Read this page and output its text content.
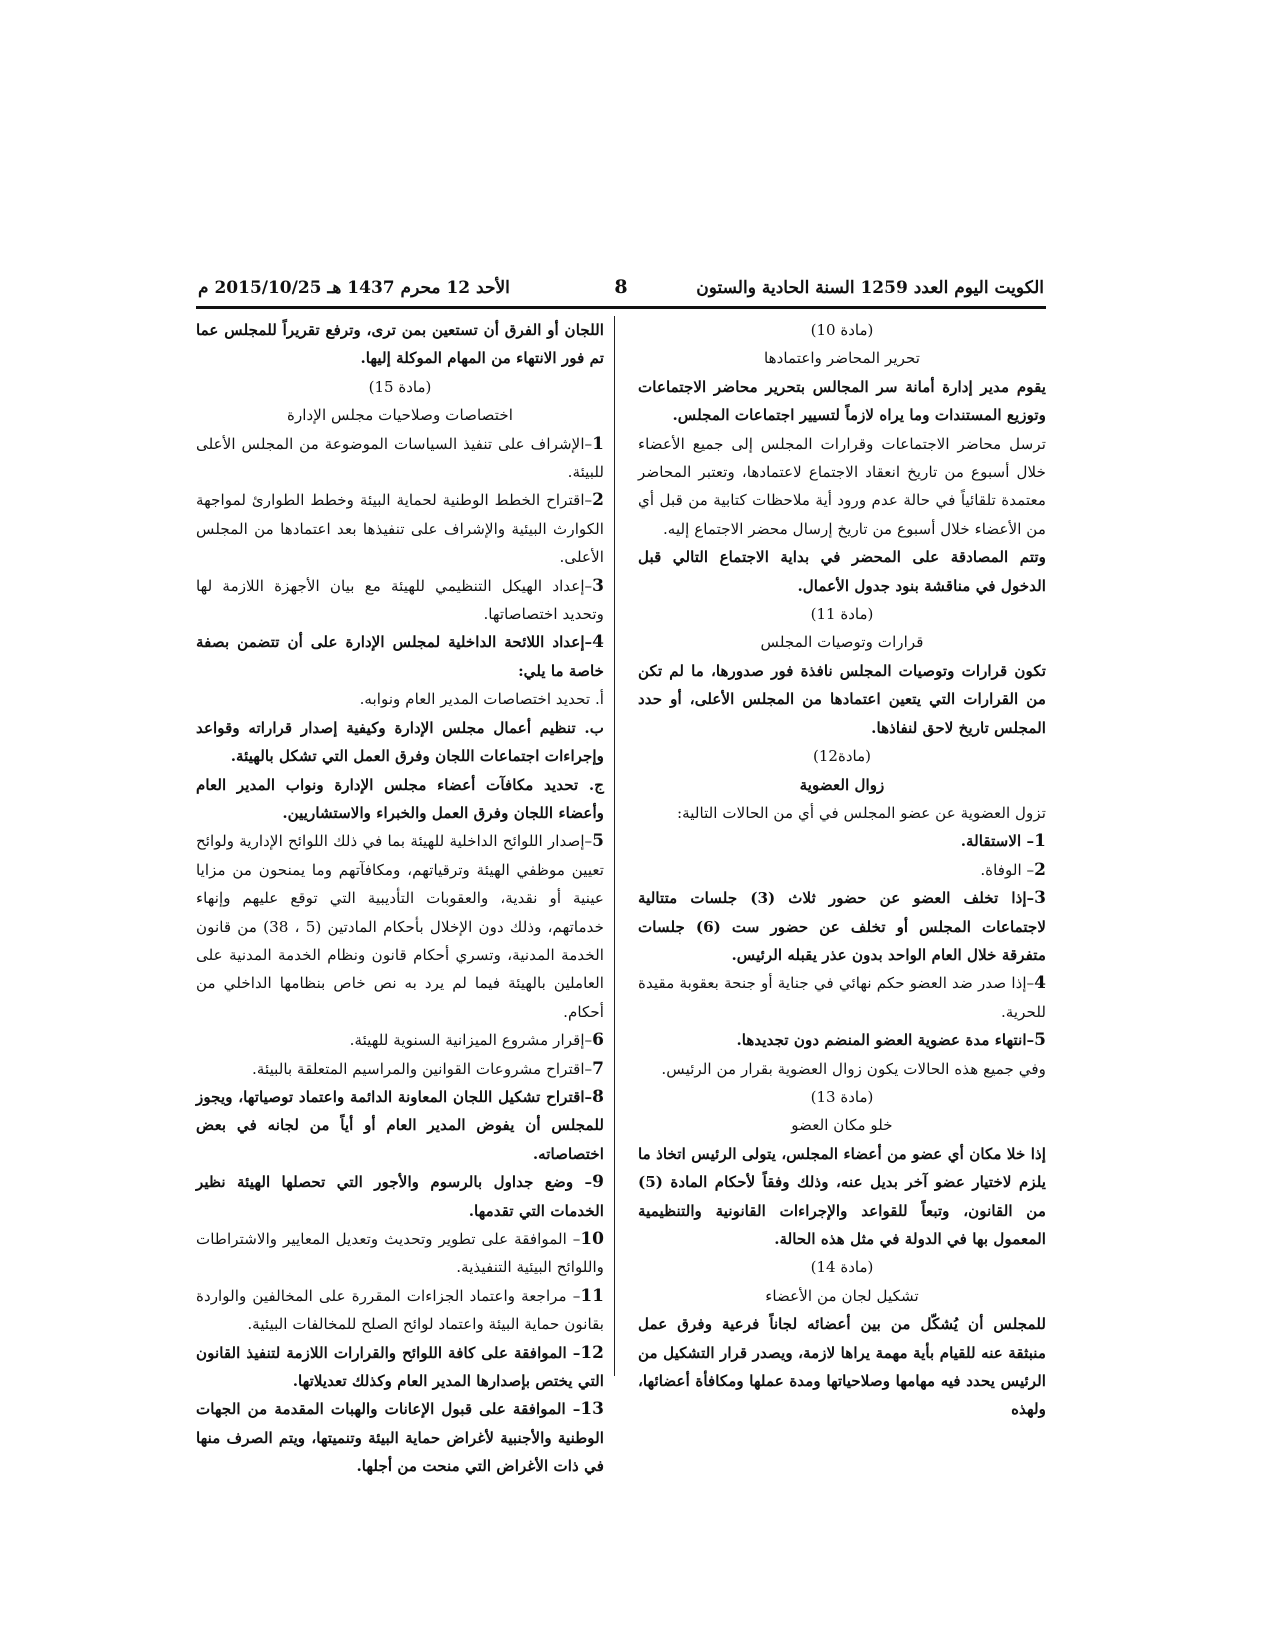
الكويت اليوم العدد 1259 السنة الحادية والستون
8
الأحد 12 محرم 1437 هـ 2015/10/25 م

(مادة 10)

تحرير المحاضر واعتمادها

يقوم مدير إدارة أمانة سر المجالس بتحرير محاضر الاجتماعات وتوزيع المستندات وما يراه لازماً لتسيير اجتماعات المجلس.

ترسل محاضر الاجتماعات وقرارات المجلس إلى جميع الأعضاء خلال أسبوع من تاريخ انعقاد الاجتماع لاعتمادها، وتعتبر المحاضر معتمدة تلقائياً في حالة عدم ورود أية ملاحظات كتابية من قبل أي من الأعضاء خلال أسبوع من تاريخ إرسال محضر الاجتماع إليه.

وتتم المصادقة على المحضر في بداية الاجتماع التالي قبل الدخول في مناقشة بنود جدول الأعمال.

(مادة 11)

قرارات وتوصيات المجلس

تكون قرارات وتوصيات المجلس نافذة فور صدورها، ما لم تكن من القرارات التي يتعين اعتمادها من المجلس الأعلى، أو حدد المجلس تاريخ لاحق لنفاذها.

(مادة12)

زوال العضوية

تزول العضوية عن عضو المجلس في أي من الحالات التالية:

1– الاستقالة.

2– الوفاة.

3–إذا تخلف العضو عن حضور ثلاث (3) جلسات متتالية لاجتماعات المجلس أو تخلف عن حضور ست (6) جلسات متفرقة خلال العام الواحد بدون عذر يقبله الرئيس.

4–إذا صدر ضد العضو حكم نهائي في جناية أو جنحة بعقوبة مقيدة للحرية.

5–انتهاء مدة عضوية العضو المنضم دون تجديدها.

وفي جميع هذه الحالات يكون زوال العضوية بقرار من الرئيس.

(مادة 13)

خلو مكان العضو

إذا خلا مكان أي عضو من أعضاء المجلس، يتولى الرئيس اتخاذ ما يلزم لاختيار عضو آخر بديل عنه، وذلك وفقاً لأحكام المادة (5) من القانون، وتبعاً للقواعد والإجراءات القانونية والتنظيمية المعمول بها في الدولة في مثل هذه الحالة.

(مادة 14)

تشكيل لجان من الأعضاء

للمجلس أن يُشكّل من بين أعضائه لجاناً فرعية وفرق عمل منبثقة عنه للقيام بأية مهمة يراها لازمة، ويصدر قرار التشكيل من الرئيس يحدد فيه مهامها وصلاحياتها ومدة عملها ومكافأة أعضائها، ولهذه

اللجان أو الفرق أن تستعين بمن ترى، وترفع تقريراً للمجلس عما تم فور الانتهاء من المهام الموكلة إليها.

(مادة 15)

اختصاصات وصلاحيات مجلس الإدارة

1–الإشراف على تنفيذ السياسات الموضوعة من المجلس الأعلى للبيئة.

2–اقتراح الخطط الوطنية لحماية البيئة وخطط الطوارئ لمواجهة الكوارث البيئية والإشراف على تنفيذها بعد اعتمادها من المجلس الأعلى.

3–إعداد الهيكل التنظيمي للهيئة مع بيان الأجهزة اللازمة لها وتحديد اختصاصاتها.

4–إعداد اللائحة الداخلية لمجلس الإدارة على أن تتضمن بصفة خاصة ما يلي:

أ. تحديد اختصاصات المدير العام ونوابه.

ب. تنظيم أعمال مجلس الإدارة وكيفية إصدار قراراته وقواعد وإجراءات اجتماعات اللجان وفرق العمل التي تشكل بالهيئة.

ج. تحديد مكافآت أعضاء مجلس الإدارة ونواب المدير العام وأعضاء اللجان وفرق العمل والخبراء والاستشاريين.

5–إصدار اللوائح الداخلية للهيئة بما في ذلك اللوائح الإدارية ولوائح تعيين موظفي الهيئة وترقياتهم، ومكافآتهم وما يمنحون من مزايا عينية أو نقدية، والعقوبات التأديبية التي توقع عليهم وإنهاء خدماتهم، وذلك دون الإخلال بأحكام المادتين (5 ، 38) من قانون الخدمة المدنية، وتسري أحكام قانون ونظام الخدمة المدنية على العاملين بالهيئة فيما لم يرد به نص خاص بنظامها الداخلي من أحكام.

6–إقرار مشروع الميزانية السنوية للهيئة.

7–اقتراح مشروعات القوانين والمراسيم المتعلقة بالبيئة.

8–اقتراح تشكيل اللجان المعاونة الدائمة واعتماد توصياتها، ويجوز للمجلس أن يفوض المدير العام أو أياً من لجانه في بعض اختصاصاته.

9– وضع جداول بالرسوم والأجور التي تحصلها الهيئة نظير الخدمات التي تقدمها.

10– الموافقة على تطوير وتحديث وتعديل المعايير والاشتراطات واللوائح البيئية التنفيذية.

11– مراجعة واعتماد الجزاءات المقررة على المخالفين والواردة بقانون حماية البيئة واعتماد لوائح الصلح للمخالفات البيئية.

12– الموافقة على كافة اللوائح والقرارات اللازمة لتنفيذ القانون التي يختص بإصدارها المدير العام وكذلك تعديلاتها.

13– الموافقة على قبول الإعانات والهبات المقدمة من الجهات الوطنية والأجنبية لأغراض حماية البيئة وتنميتها، ويتم الصرف منها في ذات الأغراض التي منحت من أجلها.
